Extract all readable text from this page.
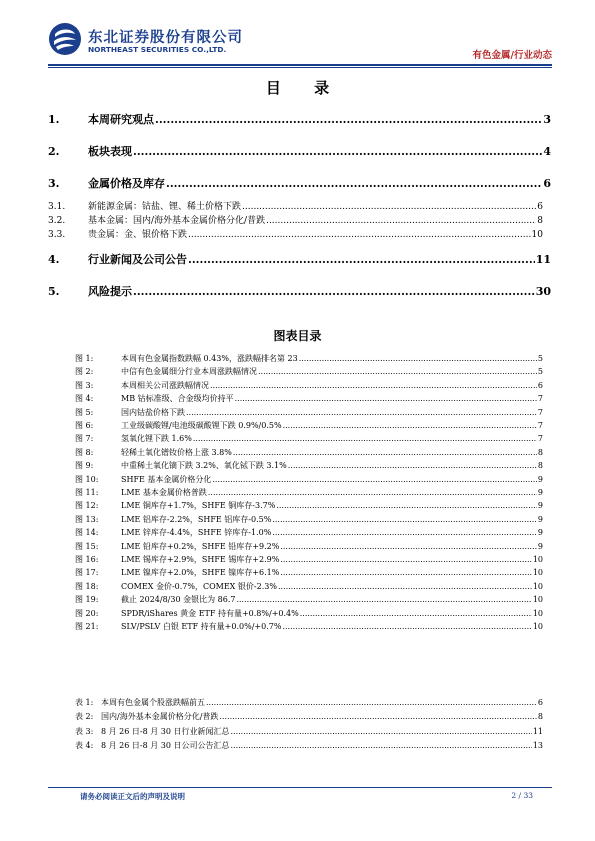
东北证券股份有限公司
NORTHEAST SECURITIES CO.,LTD.
有色金属/行业动态
目 录
1.	本周研究观点 .....	3
2.	板块表现 .....	4
3.	金属价格及库存 .....	6
3.1.	新能源金属：钴盐、锂、稀土价格下跌 .....	6
3.2.	基本金属：国内/海外基本金属价格分化/普跌 .....	8
3.3.	贵金属：金、银价格下跌 .....	10
4.	行业新闻及公司公告 .....	11
5.	风险提示 .....	30
图表目录
图 1:	本周有色金属指数跌幅 0.43%，涨跌幅排名第 23 .....	5
图 2:	中信有色金属细分行业本周涨跌幅情况 .....	5
图 3:	本周相关公司涨跌幅情况 .....	6
图 4:	MB 钴标准级、合金级均价持平 .....	7
图 5:	国内钴盐价格下跌 .....	7
图 6:	工业级碳酸锂/电池级碳酸锂下跌 0.9%/0.5% .....	7
图 7:	氢氧化锂下跌 1.6% .....	7
图 8:	轻稀土氧化镨钕价格上涨 3.8% .....	8
图 9:	中重稀土氧化镝下跌 3.2%、氧化铽下跌 3.1% .....	8
图 10:	SHFE 基本金属价格分化 .....	9
图 11:	LME 基本金属价格普跌 .....	9
图 12:	LME 铜库存+1.7%，SHFE 铜库存-3.7% .....	9
图 13:	LME 铝库存-2.2%，SHFE 铝库存-0.5% .....	9
图 14:	LME 锌库存-4.4%，SHFE 锌库存-1.0% .....	9
图 15:	LME 铅库存+0.2%，SHFE 铅库存+9.2% .....	9
图 16:	LME 锡库存+2.9%，SHFE 锡库存+2.9% .....	10
图 17:	LME 镍库存+2.0%，SHFE 镍库存+6.1% .....	10
图 18:	COMEX 金价-0.7%，COMEX 银价-2.3% .....	10
图 19:	截止 2024/8/30 金银比为 86.7 .....	10
图 20:	SPDR/iShares 黄金 ETF 持有量+0.8%/+0.4% .....	10
图 21:	SLV/PSLV 白银 ETF 持有量+0.0%/+0.7% .....	10
表 1: 本周有色金属个股涨跌幅前五 .....	6
表 2: 国内/海外基本金属价格分化/普跌 .....	8
表 3: 8 月 26 日-8 月 30 日行业新闻汇总 .....	11
表 4: 8 月 26 日-8 月 30 日公司公告汇总 .....	13
请务必阅读正文后的声明及说明	2 / 33
